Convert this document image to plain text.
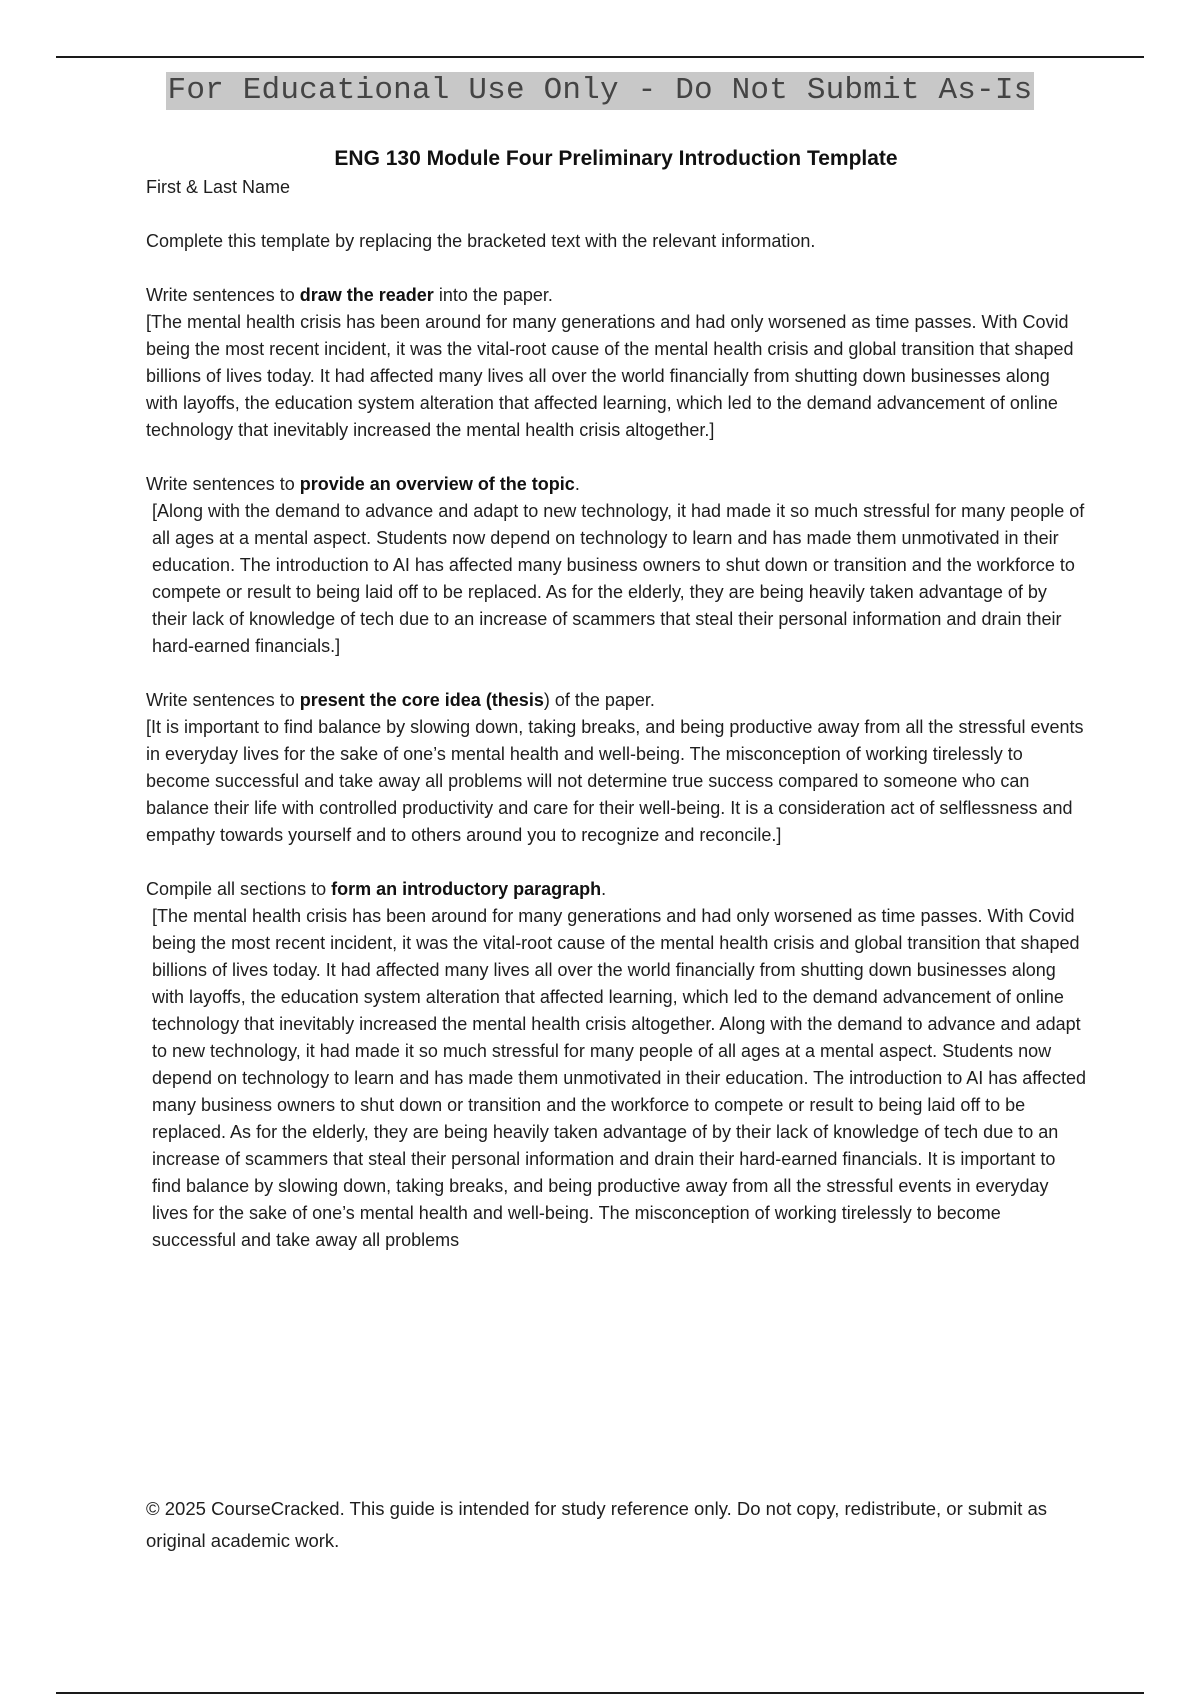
For Educational Use Only - Do Not Submit As-Is
ENG 130 Module Four Preliminary Introduction Template

First & Last Name

Complete this template by replacing the bracketed text with the relevant information.

Write sentences to draw the reader into the paper.

[The mental health crisis has been around for many generations and had only worsened as time passes. With Covid being the most recent incident, it was the vital-root cause of the mental health crisis and global transition that shaped billions of lives today. It had affected many lives all over the world financially from shutting down businesses along with layoffs, the education system alteration that affected learning, which led to the demand advancement of online technology that inevitably increased the mental health crisis altogether.]

Write sentences to provide an overview of the topic.

[Along with the demand to advance and adapt to new technology, it had made it so much stressful for many people of all ages at a mental aspect. Students now depend on technology to learn and has made them unmotivated in their education. The introduction to AI has affected many business owners to shut down or transition and the workforce to compete or result to being laid off to be replaced. As for the elderly, they are being heavily taken advantage of by their lack of knowledge of tech due to an increase of scammers that steal their personal information and drain their hard-earned financials.]

Write sentences to present the core idea (thesis) of the paper.

[It is important to find balance by slowing down, taking breaks, and being productive away from all the stressful events in everyday lives for the sake of one’s mental health and well-being. The misconception of working tirelessly to become successful and take away all problems will not determine true success compared to someone who can balance their life with controlled productivity and care for their well-being. It is a consideration act of selflessness and empathy towards yourself and to others around you to recognize and reconcile.]

Compile all sections to form an introductory paragraph.

[The mental health crisis has been around for many generations and had only worsened as time passes. With Covid being the most recent incident, it was the vital-root cause of the mental health crisis and global transition that shaped billions of lives today. It had affected many lives all over the world financially from shutting down businesses along with layoffs, the education system alteration that affected learning, which led to the demand advancement of online technology that inevitably increased the mental health crisis altogether. Along with the demand to advance and adapt to new technology, it had made it so much stressful for many people of all ages at a mental aspect. Students now depend on technology to learn and has made them unmotivated in their education. The introduction to AI has affected many business owners to shut down or transition and the workforce to compete or result to being laid off to be replaced. As for the elderly, they are being heavily taken advantage of by their lack of knowledge of tech due to an increase of scammers that steal their personal information and drain their hard-earned financials. It is important to find balance by slowing down, taking breaks, and being productive away from all the stressful events in everyday lives for the sake of one’s mental health and well-being. The misconception of working tirelessly to become successful and take away all problems

© 2025 CourseCracked. This guide is intended for study reference only. Do not copy, redistribute, or submit as original academic work.
